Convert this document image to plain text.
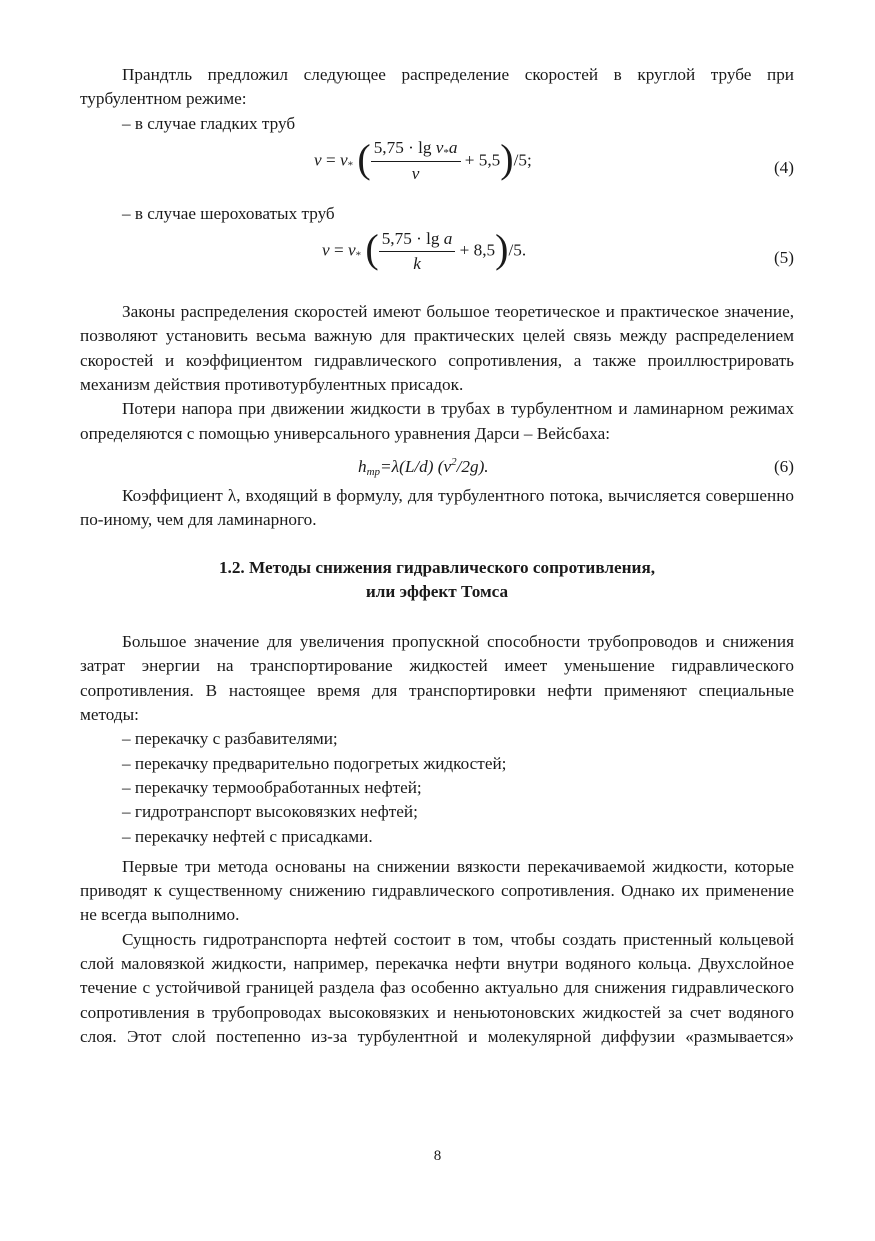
Прандтль предложил следующее распределение скоростей в круглой трубе при турбулентном режиме:

– в случае гладких труб

$v = v_*$ ( $\frac{5,75 \cdot \lg v_*a}{\nu} + 5,5)/5$;	(4)

– в случае шероховатых труб

$v = v_*$ ( $\frac{\text{5,75 · lg a}}{k} + 8,5)/5$.	(5)

Законы распределения скоростей имеют большое теоретическое и практическое значение, позволяют установить весьма важную для практических целей связь между распределением скоростей и коэффициентом гидравлического сопротивления, а также проиллюстрировать механизм действия противотурбулентных присадок.

Потери напора при движении жидкости в трубах в турбулентном и ламинарном режимах определяются с помощью универсального уравнения Дарси – Вейсбаха:

$h_{тр}=\lambda(L/d)$ $(v^2/2g)$.	(6)

Коэффициент λ, входящий в формулу, для турбулентного потока, вычисляется совершенно по-иному, чем для ламинарного.

1.2. Методы снижения гидравлического сопротивления,

или эффект Томса

Большое значение для увеличения пропускной способности трубопроводов и снижения затрат энергии на транспортирование жидкостей имеет уменьшение гидравлического сопротивления. В настоящее время для транспортировки нефти применяют специальные методы:

– перекачку с разбавителями;

– перекачку предварительно подогретых жидкостей;

– перекачку термообработанных нефтей;

– гидротранспорт высоковязких нефтей;

– перекачку нефтей с присадками.

Первые три метода основаны на снижении вязкости перекачиваемой жидкости, которые приводят к существенному снижению гидравлического сопротивления. Однако их применение не всегда выполнимо.

Сущность гидротранспорта нефтей состоит в том, чтобы создать пристенный кольцевой слой маловязкой жидкости, например, перекачка нефти внутри водяного кольца. Двухслойное течение с устойчивой границей раздела фаз особенно актуально для снижения гидравлического сопротивления в трубопроводах высоковязких и неньютоновских жидкостей за счет водяного слоя. Этот слой постепенно из-за турбулентной и молекулярной диффузии «размывается»

8
